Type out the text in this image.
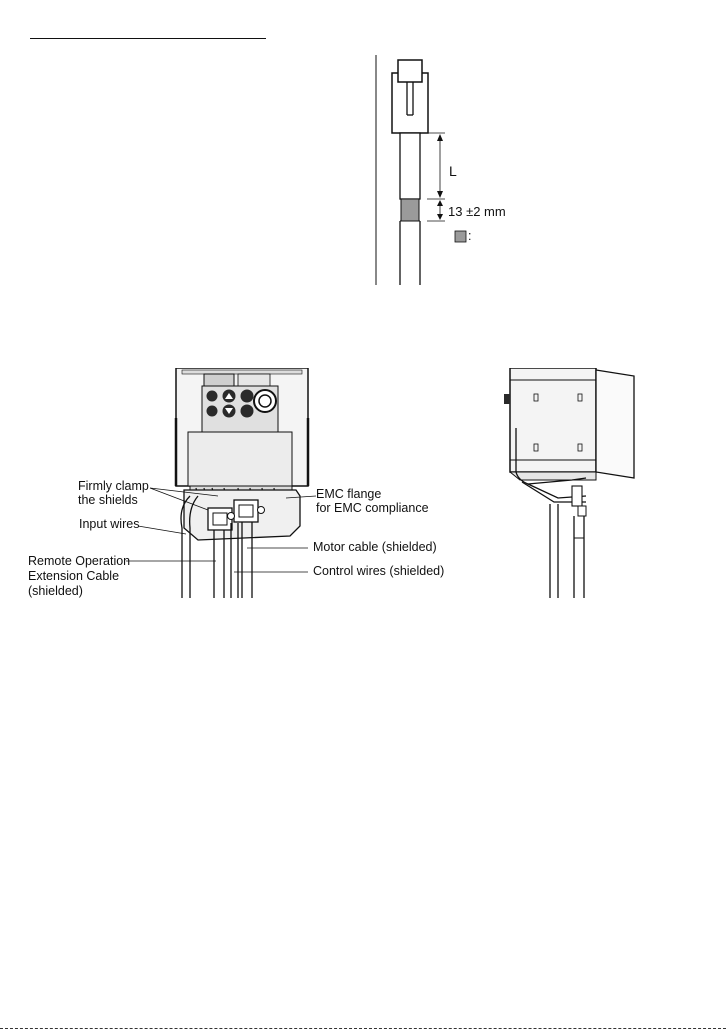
L
13 ±2 mm
:
Firmly clamp
the shields
Input wires
Remote Operation
Extension Cable
(shielded)
EMC flange
for EMC compliance
Motor cable (shielded)
Control wires (shielded)
